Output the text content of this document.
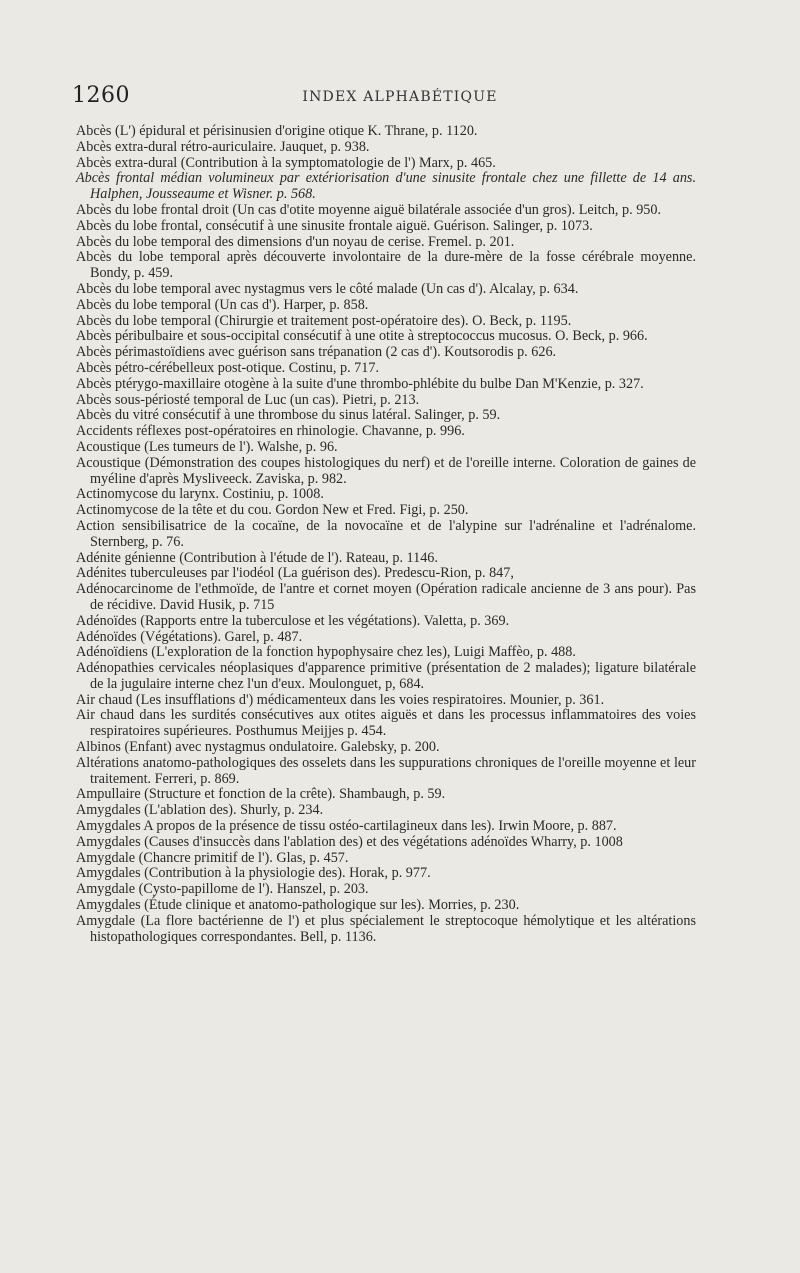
1260	INDEX ALPHABÉTIQUE
Abcès (L') épidural et périsinusien d'origine otique K. Thrane, p. 1120.
Abcès extra-dural rétro-auriculaire. Jauquet, p. 938.
Abcès extra-dural (Contribution à la symptomatologie de l') Marx, p. 465.
Abcès frontal médian volumineux par extériorisation d'une sinusite frontale chez une fillette de 14 ans. Halphen, Jousseaume et Wisner. p. 568.
Abcès du lobe frontal droit (Un cas d'otite moyenne aiguë bilatérale associée d'un gros). Leitch, p. 950.
Abcès du lobe frontal, consécutif à une sinusite frontale aiguë. Guérison. Salinger, p. 1073.
Abcès du lobe temporal des dimensions d'un noyau de cerise. Fremel. p. 201.
Abcès du lobe temporal après découverte involontaire de la dure-mère de la fosse cérébrale moyenne. Bondy, p. 459.
Abcès du lobe temporal avec nystagmus vers le côté malade (Un cas d'). Alcalay, p. 634.
Abcès du lobe temporal (Un cas d'). Harper, p. 858.
Abcès du lobe temporal (Chirurgie et traitement post-opératoire des). O. Beck, p. 1195.
Abcès péribulbaire et sous-occipital consécutif à une otite à streptococcus mucosus. O. Beck, p. 966.
Abcès périmastoïdiens avec guérison sans trépanation (2 cas d'). Koutsorodis p. 626.
Abcès pétro-cérébelleux post-otique. Costinu, p. 717.
Abcès ptérygo-maxillaire otogène à la suite d'une thrombo-phlébite du bulbe Dan M'Kenzie, p. 327.
Abcès sous-périosté temporal de Luc (un cas). Pietri, p. 213.
Abcès du vitré consécutif à une thrombose du sinus latéral. Salinger, p. 59.
Accidents réflexes post-opératoires en rhinologie. Chavanne, p. 996.
Acoustique (Les tumeurs de l'). Walshe, p. 96.
Acoustique (Démonstration des coupes histologiques du nerf) et de l'oreille interne. Coloration de gaines de myéline d'après Mysliveeck. Zaviska, p. 982.
Actinomycose du larynx. Costiniu, p. 1008.
Actinomycose de la tête et du cou. Gordon New et Fred. Figi, p. 250.
Action sensibilisatrice de la cocaïne, de la novocaïne et de l'alypine sur l'adrénaline et l'adrénalome. Sternberg, p. 76.
Adénite génienne (Contribution à l'étude de l'). Rateau, p. 1146.
Adénites tuberculeuses par l'iodéol (La guérison des). Predescu-Rion, p. 847,
Adénocarcinome de l'ethmoïde, de l'antre et cornet moyen (Opération radicale ancienne de 3 ans pour). Pas de récidive. David Husik, p. 715
Adénoïdes (Rapports entre la tuberculose et les végétations). Valetta, p. 369.
Adénoïdes (Végétations). Garel, p. 487.
Adénoïdiens (L'exploration de la fonction hypophysaire chez les), Luigi Maffèo, p. 488.
Adénopathies cervicales néoplasiques d'apparence primitive (présentation de 2 malades); ligature bilatérale de la jugulaire interne chez l'un d'eux. Moulonguet, p, 684.
Air chaud (Les insufflations d') médicamenteux dans les voies respiratoires. Mounier, p. 361.
Air chaud dans les surdités consécutives aux otites aiguës et dans les processus inflammatoires des voies respiratoires supérieures. Posthumus Meijjes p. 454.
Albinos (Enfant) avec nystagmus ondulatoire. Galebsky, p. 200.
Altérations anatomo-pathologiques des osselets dans les suppurations chroniques de l'oreille moyenne et leur traitement. Ferreri, p. 869.
Ampullaire (Structure et fonction de la crête). Shambaugh, p. 59.
Amygdales (L'ablation des). Shurly, p. 234.
Amygdales A propos de la présence de tissu ostéo-cartilagineux dans les). Irwin Moore, p. 887.
Amygdales (Causes d'insuccès dans l'ablation des) et des végétations adénoïdes Wharry, p. 1008
Amygdale (Chancre primitif de l'). Glas, p. 457.
Amygdales (Contribution à la physiologie des). Horak, p. 977.
Amygdale (Cysto-papillome de l'). Hanszel, p. 203.
Amygdales (Étude clinique et anatomo-pathologique sur les). Morries, p. 230.
Amygdale (La flore bactérienne de l') et plus spécialement le streptocoque hémolytique et les altérations histopathologiques correspondantes. Bell, p. 1136.
